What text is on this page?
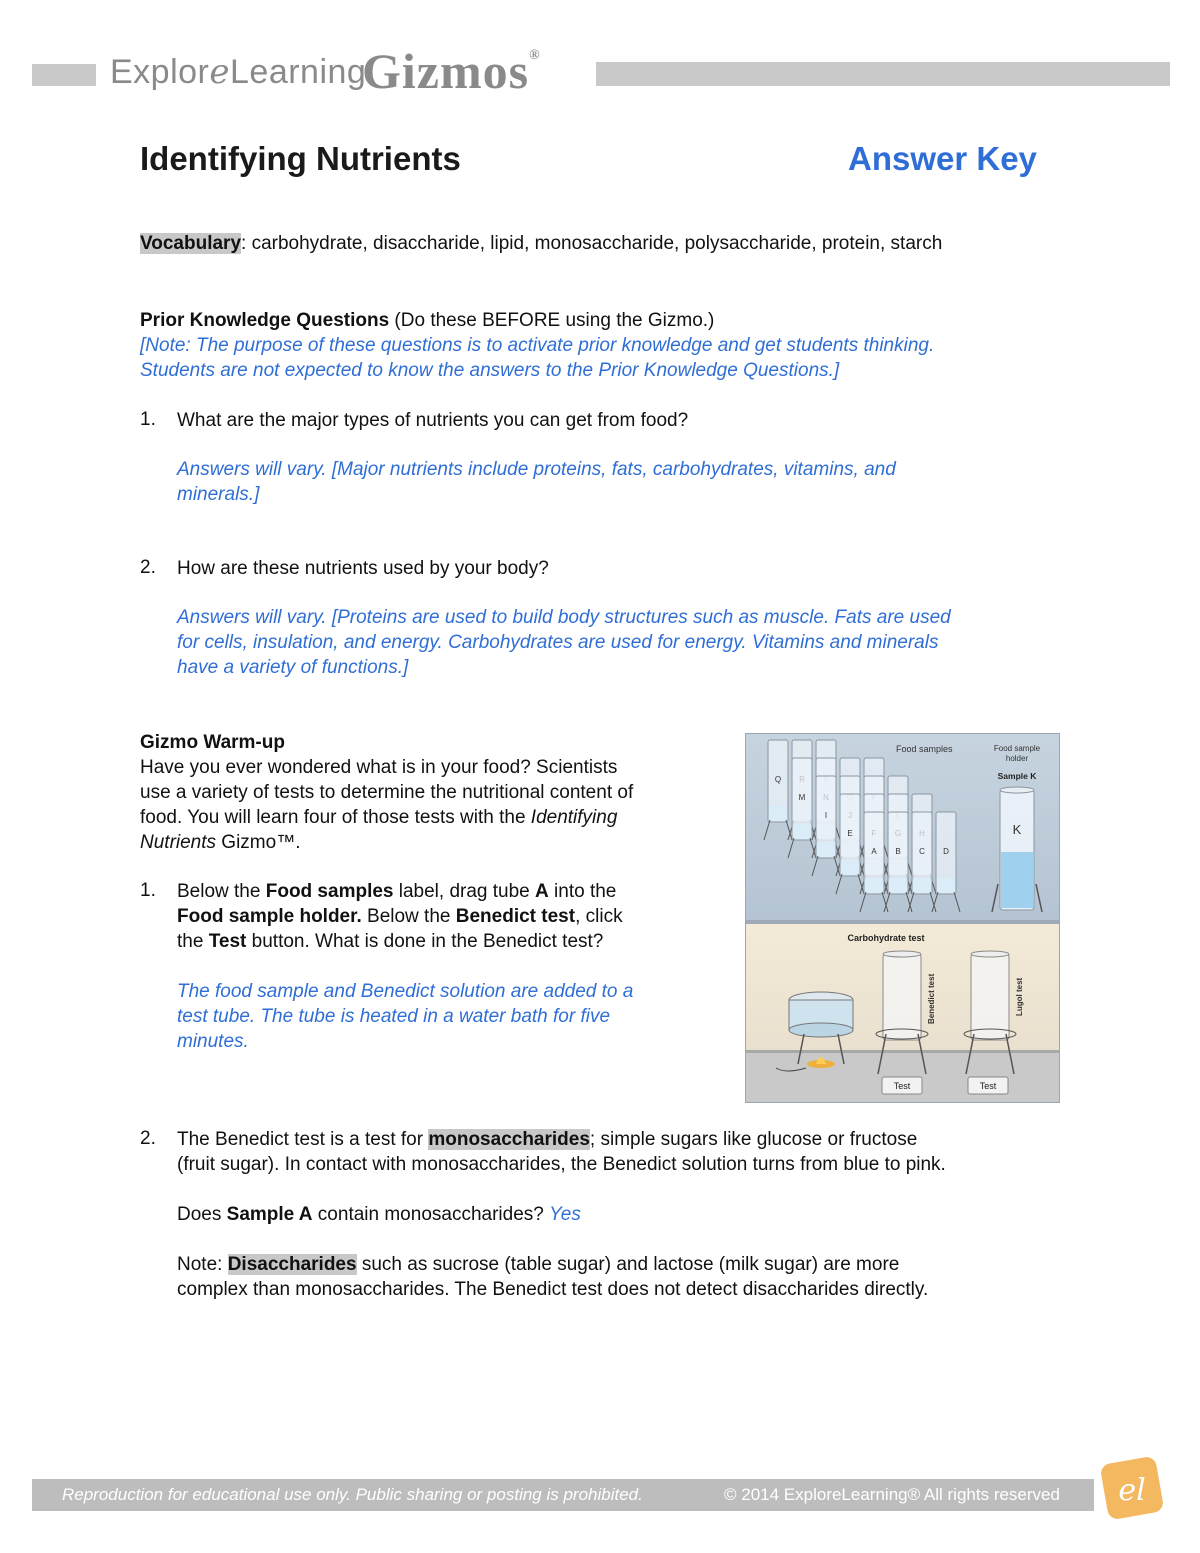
ExploreLearning
Gizmos®
Identifying Nutrients	Answer Key
Vocabulary: carbohydrate, disaccharide, lipid, monosaccharide, polysaccharide, protein, starch
Prior Knowledge Questions (Do these BEFORE using the Gizmo.)
[Note: The purpose of these questions is to activate prior knowledge and get students thinking.
Students are not expected to know the answers to the Prior Knowledge Questions.]
1. What are the major types of nutrients you can get from food?
Answers will vary. [Major nutrients include proteins, fats, carbohydrates, vitamins, and
minerals.]
2. How are these nutrients used by your body?
Answers will vary. [Proteins are used to build body structures such as muscle. Fats are used
for cells, insulation, and energy. Carbohydrates are used for energy. Vitamins and minerals
have a variety of functions.]
Gizmo Warm-up
Have you ever wondered what is in your food? Scientists
use a variety of tests to determine the nutritional content of
food. You will learn four of those tests with the Identifying
Nutrients Gizmo™.
1. Below the Food samples label, drag tube A into the
Food sample holder. Below the Benedict test, click
the Test button. What is done in the Benedict test?
The food sample and Benedict solution are added to a
test tube. The tube is heated in a water bath for five
minutes.
2. The Benedict test is a test for monosaccharides; simple sugars like glucose or fructose
(fruit sugar). In contact with monosaccharides, the Benedict solution turns from blue to pink.
Does Sample A contain monosaccharides? Yes
Note: Disaccharides such as sucrose (table sugar) and lactose (milk sugar) are more
complex than monosaccharides. The Benedict test does not detect disaccharides directly.
Q
M
I
E
A B C D
Food samples	Food sample
holder
Sample K
K
Carbohydrate test
Benedict test	Lugol test
Test	Test
Reproduction for educational use only. Public sharing or posting is prohibited.	© 2014 ExploreLearning® All rights reserved el
